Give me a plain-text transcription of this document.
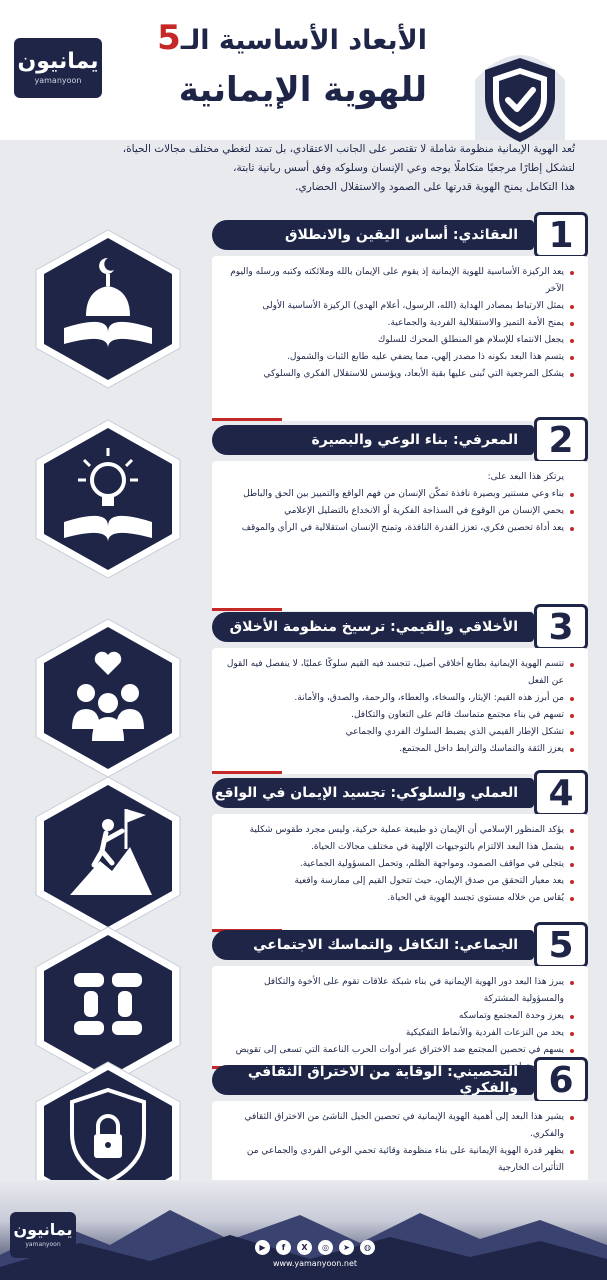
يمانيون
yamanyoon
الأبعاد الأساسية الـ5
للهوية الإيمانية
تُعد الهوية الإيمانية منظومة شاملة لا تقتصر على الجانب الاعتقادي، بل تمتد لتغطي مختلف مجالات الحياة،
لتشكل إطارًا مرجعيًا متكاملًا يوجه وعي الإنسان وسلوكه وفق أسس ربانية ثابتة،
هذا التكامل يمنح الهوية قدرتها على الصمود والاستقلال الحضاري.
العقائدي: أساس اليقين والانطلاق 1
يعد الركيزة الأساسية للهوية الإيمانية إذ يقوم على الإيمان بالله وملائكته وكتبه ورسله واليوم الآخر
يمثل الارتباط بمصادر الهداية (الله، الرسول، أعلام الهدى) الركيزة الأساسية الأولى
يمنح الأمة التميز والاستقلالية الفردية والجماعية.
يجعل الانتماء للإسلام هو المنطلق المحرك للسلوك
يتسم هذا البعد بكونه ذا مصدر إلهي، مما يضفي عليه طابع الثبات والشمول.
يشكل المرجعية التي تُبنى عليها بقية الأبعاد، ويؤسس للاستقلال الفكري والسلوكي
المعرفي: بناء الوعي والبصيرة 2
يرتكز هذا البعد على:
بناء وعي مستنير وبصيرة نافذة تمكّن الإنسان من فهم الواقع والتمييز بين الحق والباطل
يحمي الإنسان من الوقوع في السذاجة الفكرية أو الانخداع بالتضليل الإعلامي
يعد أداة تحصين فكري، تعزز القدرة النافذة، وتمنح الإنسان استقلالية في الرأي والموقف
الأخلاقي والقيمي: ترسيخ منظومة الأخلاق 3
تتسم الهوية الإيمانية بطابع أخلاقي أصيل، تتجسد فيه القيم سلوكًا عمليًا، لا ينفصل فيه القول عن الفعل
من أبرز هذه القيم: الإيثار، والسخاء، والعطاء، والرحمة، والصدق، والأمانة.
تسهم في بناء مجتمع متماسك قائم على التعاون والتكافل.
تشكل الإطار القيمي الذي يضبط السلوك الفردي والجماعي
يعزز الثقة والتماسك والترابط داخل المجتمع.
العملي والسلوكي: تجسيد الإيمان في الواقع 4
يؤكد المنظور الإسلامي أن الإيمان ذو طبيعة عملية حركية، وليس مجرد طقوس شكلية
يشمل هذا البعد الالتزام بالتوجيهات الإلهية في مختلف مجالات الحياة.
يتجلى في مواقف الصمود، ومواجهة الظلم، وتحمل المسؤولية الجماعية.
يعد معيار التحقق من صدق الإيمان، حيث تتحول القيم إلى ممارسة واقعية
يُقاس من خلاله مستوى تجسد الهوية في الحياة.
الجماعي: التكافل والتماسك الاجتماعي 5
يبرز هذا البعد دور الهوية الإيمانية في بناء شبكة علاقات تقوم على الأخوة والتكافل والمسؤولية المشتركة
يعزز وحدة المجتمع وتماسكه
يحد من النزعات الفردية والأنماط التفكيكية
يسهم في تحصين المجتمع ضد الاختراق عبر أدوات الحرب الناعمة التي تسعى إلى تقويض
التحصيني: الوقاية من الاختراق الثقافي والفكري 6
يشير هذا البعد إلى أهمية الهوية الإيمانية في تحصين الجيل الناشئ من الاختراق الثقافي والفكري.
يظهر قدرة الهوية الإيمانية على بناء منظومة وقائية تحمي الوعي الفردي والجماعي من التأثيرات الخارجية
يمانيون
yamanyoon	▶	f	X	◎	➤	◍
www.yamanyoon.net
